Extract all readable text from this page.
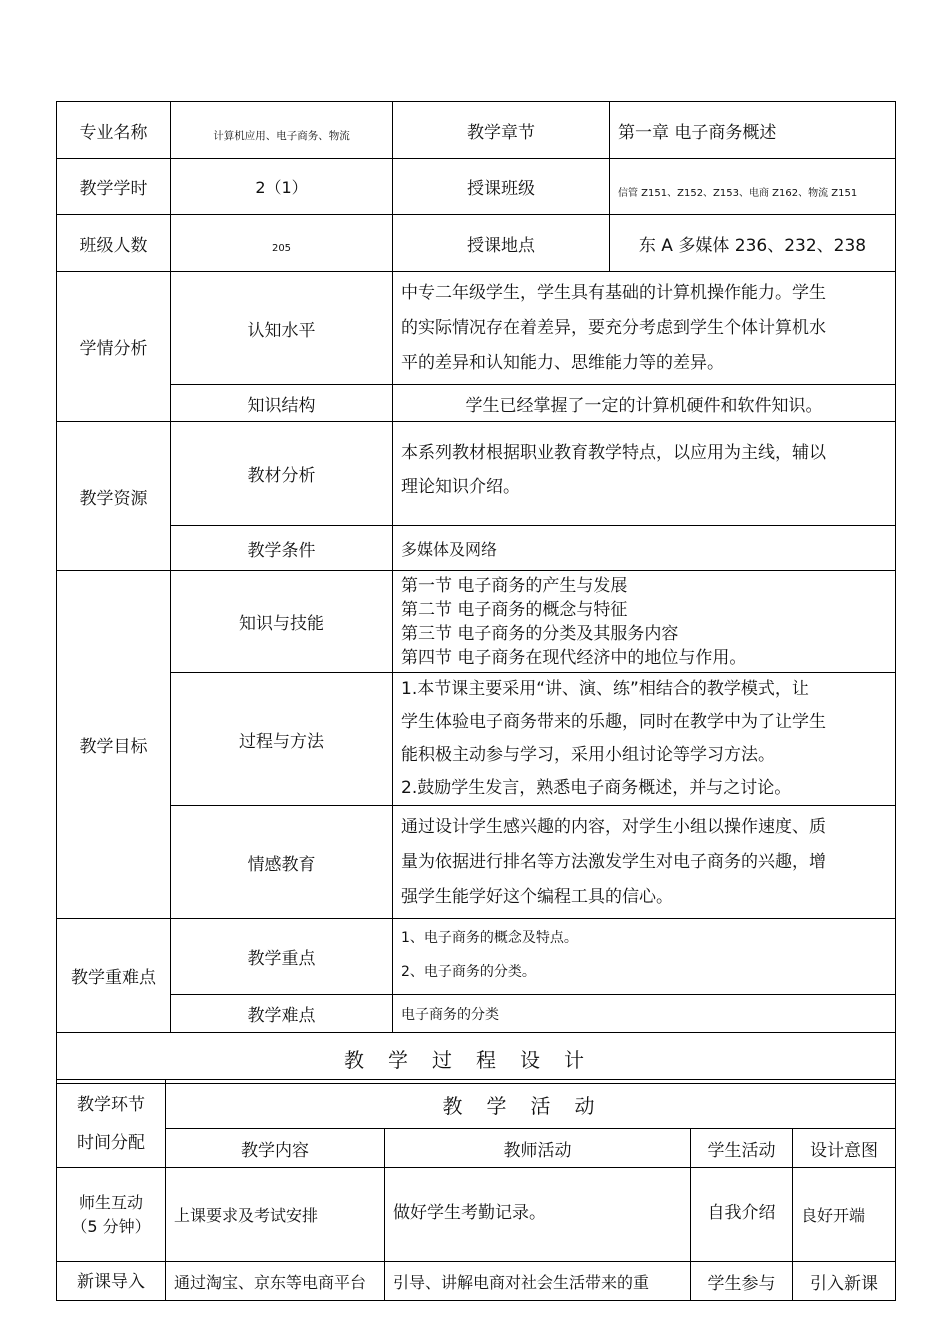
专业名称	计算机应用、电子商务、物流	教学章节	第一章 电子商务概述
教学学时	2（1）	授课班级	信管 Z151、Z152、Z153、电商 Z162、物流 Z151
班级人数	205	授课地点	东 A 多媒体 236、232、238
学情分析	认知水平	中专二年级学生，学生具有基础的计算机操作能力。学生
的实际情况存在着差异，要充分考虑到学生个体计算机水
平的差异和认知能力、思维能力等的差异。	

	知识结构	学生已经掌握了一定的计算机硬件和软件知识。	
教学资源	教材分析	本系列教材根据职业教育教学特点，以应用为主线，辅以
理论知识介绍。	

	教学条件	多媒体及网络	
教学目标	知识与技能	第一节 电子商务的产生与发展
第二节 电子商务的概念与特征
第三节 电子商务的分类及其服务内容
第四节 电子商务在现代经济中的地位与作用。	

	过程与方法	1.本节课主要采用“讲、演、练”相结合的教学模式，让
学生体验电子商务带来的乐趣，同时在教学中为了让学生
能积极主动参与学习，采用小组讨论等学习方法。
2.鼓励学生发言，熟悉电子商务概述，并与之讨论。	

	情感教育	通过设计学生感兴趣的内容，对学生小组以操作速度、质
量为依据进行排名等方法激发学生对电子商务的兴趣，增
强学生能学好这个编程工具的信心。	

教学重难点	教学重点	1、电子商务的概念及特点。
2、电子商务的分类。	

	教学难点	电子商务的分类	
教学过程设计			
教学环节
时间分配	教学活动			
	教学内容	教师活动	学生活动	设计意图

师生互动
（5 分钟）	上课要求及考试安排	做好学生考勤记录。	自我介绍	良好开端
新课导入	通过淘宝、京东等电商平台	引导、讲解电商对社会生活带来的重	学生参与	引入新课
